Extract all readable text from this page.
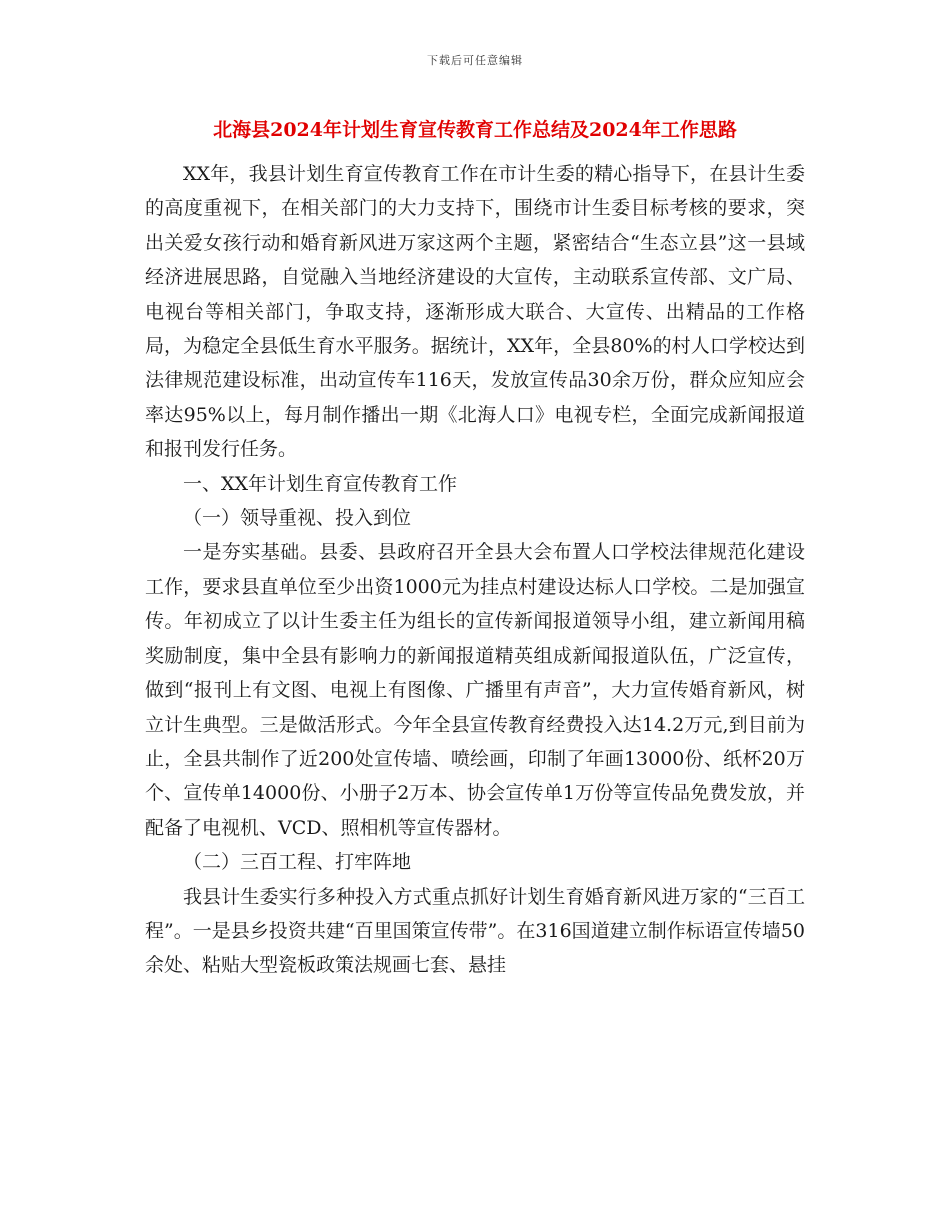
下载后可任意编辑
北海县2024年计划生育宣传教育工作总结及2024年工作思路

XX年，我县计划生育宣传教育工作在市计生委的精心指导下，在县计生委的高度重视下，在相关部门的大力支持下，围绕市计生委目标考核的要求，突出关爱女孩行动和婚育新风进万家这两个主题，紧密结合“生态立县”这一县域经济进展思路，自觉融入当地经济建设的大宣传，主动联系宣传部、文广局、电视台等相关部门，争取支持，逐渐形成大联合、大宣传、出精品的工作格局，为稳定全县低生育水平服务。据统计，XX年，全县80%的村人口学校达到法律规范建设标准，出动宣传车116天，发放宣传品30余万份，群众应知应会率达95%以上，每月制作播出一期《北海人口》电视专栏，全面完成新闻报道和报刊发行任务。

一、XX年计划生育宣传教育工作

（一）领导重视、投入到位

一是夯实基础。县委、县政府召开全县大会布置人口学校法律规范化建设工作，要求县直单位至少出资1000元为挂点村建设达标人口学校。二是加强宣传。年初成立了以计生委主任为组长的宣传新闻报道领导小组，建立新闻用稿奖励制度，集中全县有影响力的新闻报道精英组成新闻报道队伍，广泛宣传，做到“报刊上有文图、电视上有图像、广播里有声音”，大力宣传婚育新风，树立计生典型。三是做活形式。今年全县宣传教育经费投入达14.2万元,到目前为止，全县共制作了近200处宣传墙、喷绘画，印制了年画13000份、纸杯20万个、宣传单14000份、小册子2万本、协会宣传单1万份等宣传品免费发放，并配备了电视机、VCD、照相机等宣传器材。

（二）三百工程、打牢阵地

我县计生委实行多种投入方式重点抓好计划生育婚育新风进万家的“三百工程”。一是县乡投资共建“百里国策宣传带”。在316国道建立制作标语宣传墙50余处、粘贴大型瓷板政策法规画七套、悬挂
